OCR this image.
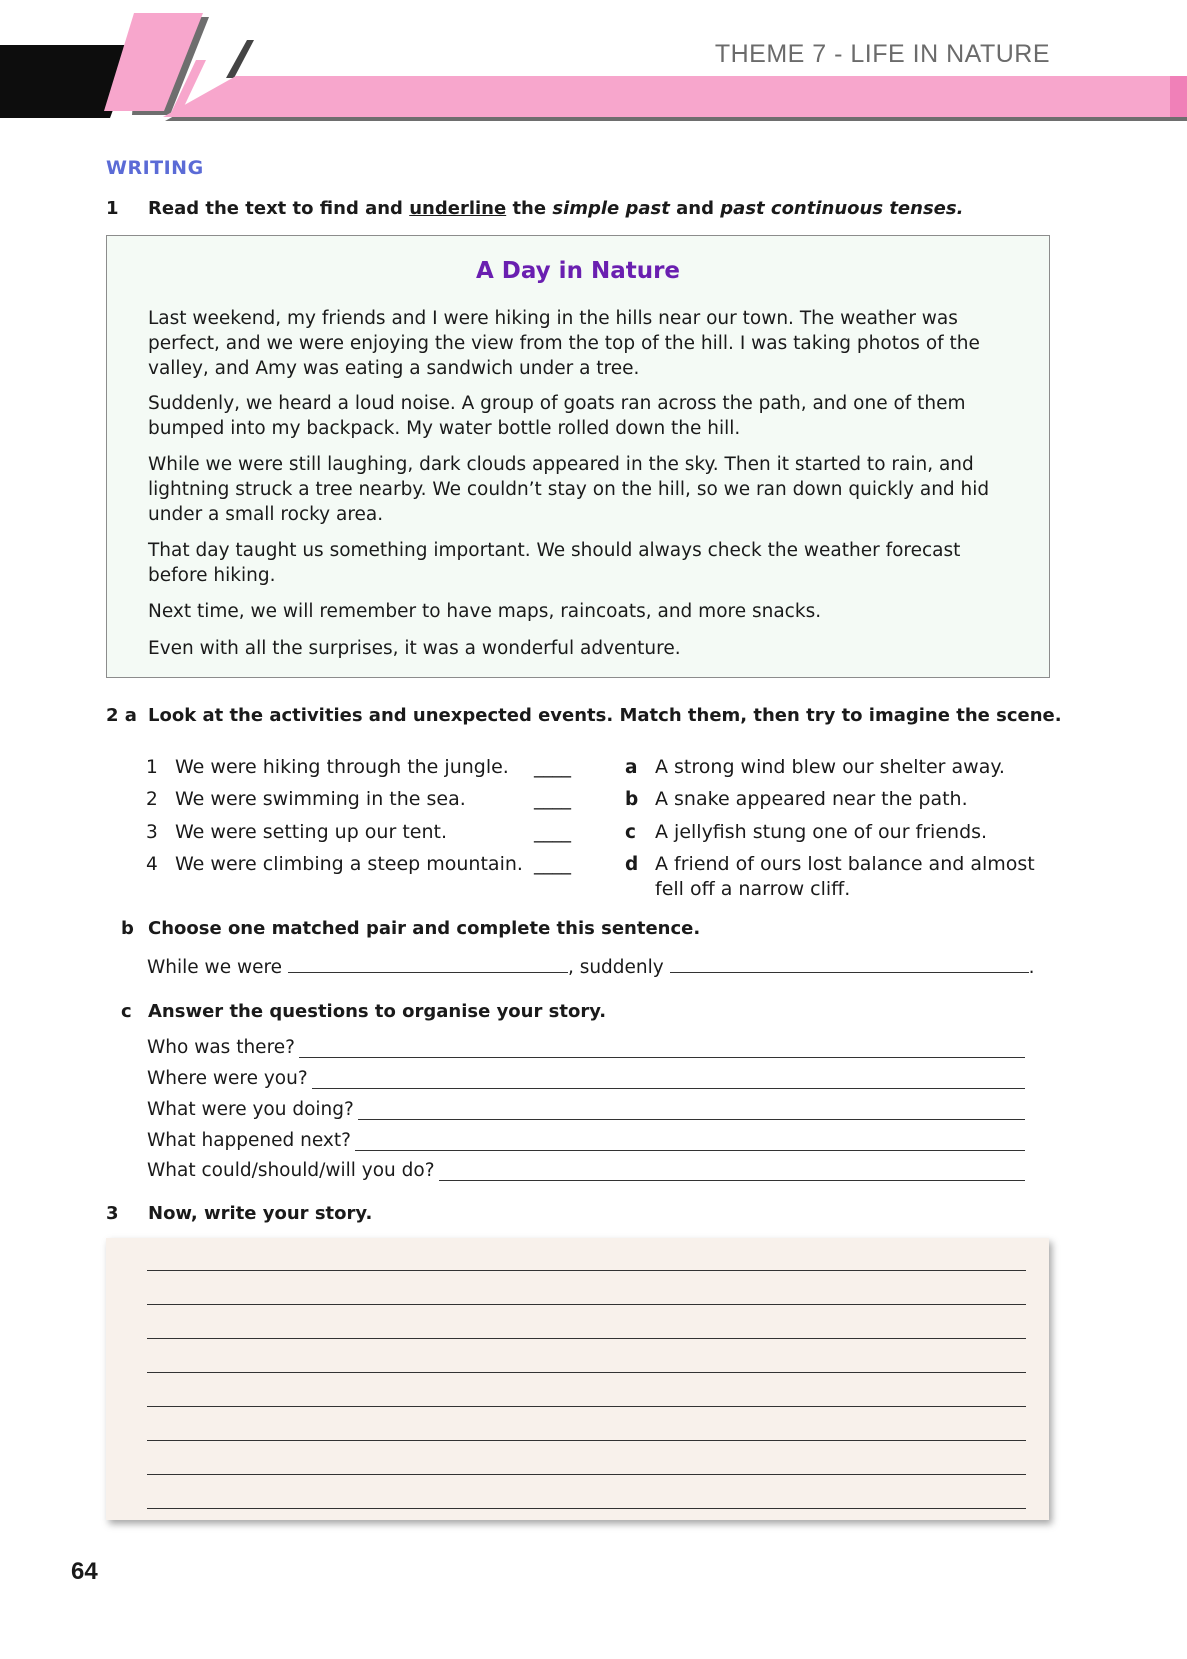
THEME 7 - LIFE IN NATURE
WRITING
1 Read the text to find and underline the simple past and past continuous tenses.
A Day in Nature

Last weekend, my friends and I were hiking in the hills near our town. The weather was perfect, and we were enjoying the view from the top of the hill. I was taking photos of the valley, and Amy was eating a sandwich under a tree.

Suddenly, we heard a loud noise. A group of goats ran across the path, and one of them bumped into my backpack. My water bottle rolled down the hill.

While we were still laughing, dark clouds appeared in the sky. Then it started to rain, and lightning struck a tree nearby. We couldn’t stay on the hill, so we ran down quickly and hid under a small rocky area.

That day taught us something important. We should always check the weather forecast before hiking.

Next time, we will remember to have maps, raincoats, and more snacks.

Even with all the surprises, it was a wonderful adventure.

2 a Look at the activities and unexpected events. Match them, then try to imagine the scene.
1 We were hiking through the jungle. ____
2 We were swimming in the sea.	____
3 We were setting up our tent.	____
4 We were climbing a steep mountain. ____
a A strong wind blew our shelter away.
b A snake appeared near the path.
c A jellyfish stung one of our friends.
d A friend of ours lost balance and almost
fell off a narrow cliff.
b Choose one matched pair and complete this sentence.
While we were	, suddenly	.
c Answer the questions to organise your story.
Who was there?
Where were you?
What were you doing?
What happened next?
What could/should/will you do?
3 Now, write your story.
64
